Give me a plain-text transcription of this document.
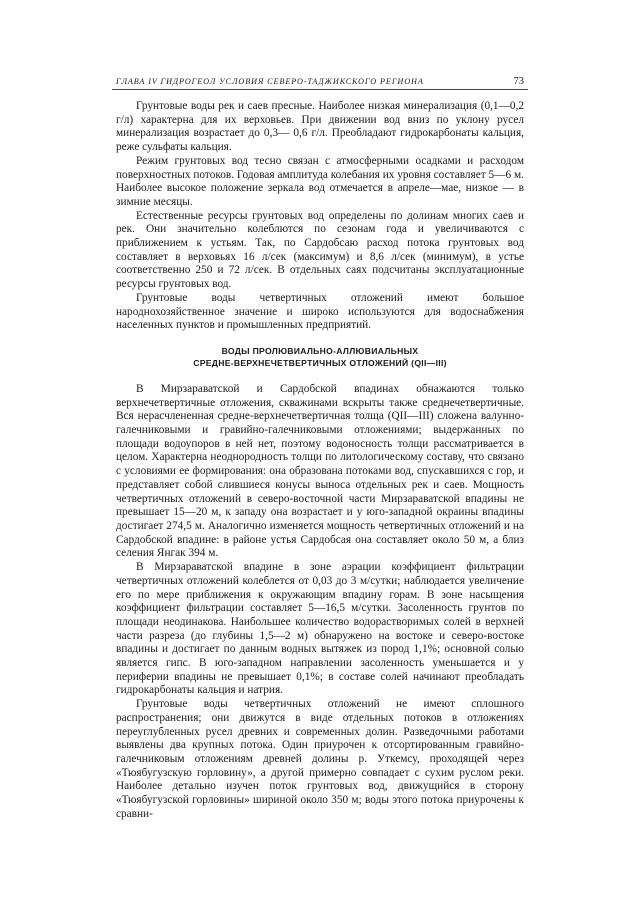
ГЛАВА IV ГИДРОГЕОЛ УСЛОВИЯ СЕВЕРО-ТАДЖИКСКОГО РЕГИОНА	73

Грунтовые воды рек и саев пресные. Наиболее низкая минерализация (0,1—0,2 г/л) характерна для их верховьев. При движении вод вниз по уклону русел минерализация возрастает до 0,3— 0,6 г/л. Преобладают гидрокарбонаты кальция, реже сульфаты кальция.

Режим грунтовых вод тесно связан с атмосферными осадками и расходом поверхностных потоков. Годовая амплитуда колебания их уровня составляет 5—6 м. Наиболее высокое положение зеркала вод отмечается в апреле—мае, низкое — в зимние месяцы.

Естественные ресурсы грунтовых вод определены по долинам многих саев и рек. Они значительно колеблются по сезонам года и увеличиваются с приближением к устьям. Так, по Сардобсаю расход потока грунтовых вод составляет в верховьях 16 л/сек (максимум) и 8,6 л/сек (минимум), в устье соответственно 250 и 72 л/сек. В отдельных саях подсчитаны эксплуатационные ресурсы грунтовых вод.

Грунтовые воды четвертичных отложений имеют большое народнохозяйственное значение и широко используются для водоснабжения населенных пунктов и промышленных предприятий.

ВОДЫ ПРОЛЮВИАЛЬНО-АЛЛЮВИАЛЬНЫХ
СРЕДНЕ-ВЕРХНЕЧЕТВЕРТИЧНЫХ ОТЛОЖЕНИЙ (QII—III)

В Мирзараватской и Сардобской впадинах обнажаются только верхнечетвертичные отложения, скважинами вскрыты также среднечетвертичные. Вся нерасчлененная средне-верхнечетвертичная толща (QII—III) сложена валунно-галечниковыми и гравийно-галечниковыми отложениями; выдержанных по площади водоупоров в ней нет, поэтому водоносность толщи рассматривается в целом. Характерна неоднородность толщи по литологическому составу, что связано с условиями ее формирования: она образована потоками вод, спускавшихся с гор, и представляет собой слившиеся конусы выноса отдельных рек и саев. Мощность четвертичных отложений в северо-восточной части Мирзараватской впадины не превышает 15—20 м, к западу она возрастает и у юго-западной окраины впадины достигает 274,5 м. Аналогично изменяется мощность четвертичных отложений и на Сардобской впадине: в районе устья Сардобсая она составляет около 50 м, а близ селения Янгак 394 м.

В Мирзараватской впадине в зоне аэрации коэффициент фильтрации четвертичных отложений колеблется от 0,03 до 3 м/сутки; наблюдается увеличение его по мере приближения к окружающим впадину горам. В зоне насыщения коэффициент фильтрации составляет 5—16,5 м/сутки. Засоленность грунтов по площади неодинакова. Наибольшее количество водорастворимых солей в верхней части разреза (до глубины 1,5—2 м) обнаружено на востоке и северо-востоке впадины и достигает по данным водных вытяжек из пород 1,1%; основной солью является гипс. В юго-западном направлении засоленность уменьшается и у периферии впадины не превышает 0,1%; в составе солей начинают преобладать гидрокарбонаты кальция и натрия.

Грунтовые воды четвертичных отложений не имеют сплошного распространения; они движутся в виде отдельных потоков в отложениях переуглубленных русел древних и современных долин. Разведочными работами выявлены два крупных потока. Один приурочен к отсортированным гравийно-галечниковым отложениям древней долины р. Уткемсу, проходящей через «Тюябугузскую горловину», а другой примерно совпадает с сухим руслом реки. Наиболее детально изучен поток грунтовых вод, движущийся в сторону «Тюябугузской горловины» шириной около 350 м; воды этого потока приурочены к сравни-
